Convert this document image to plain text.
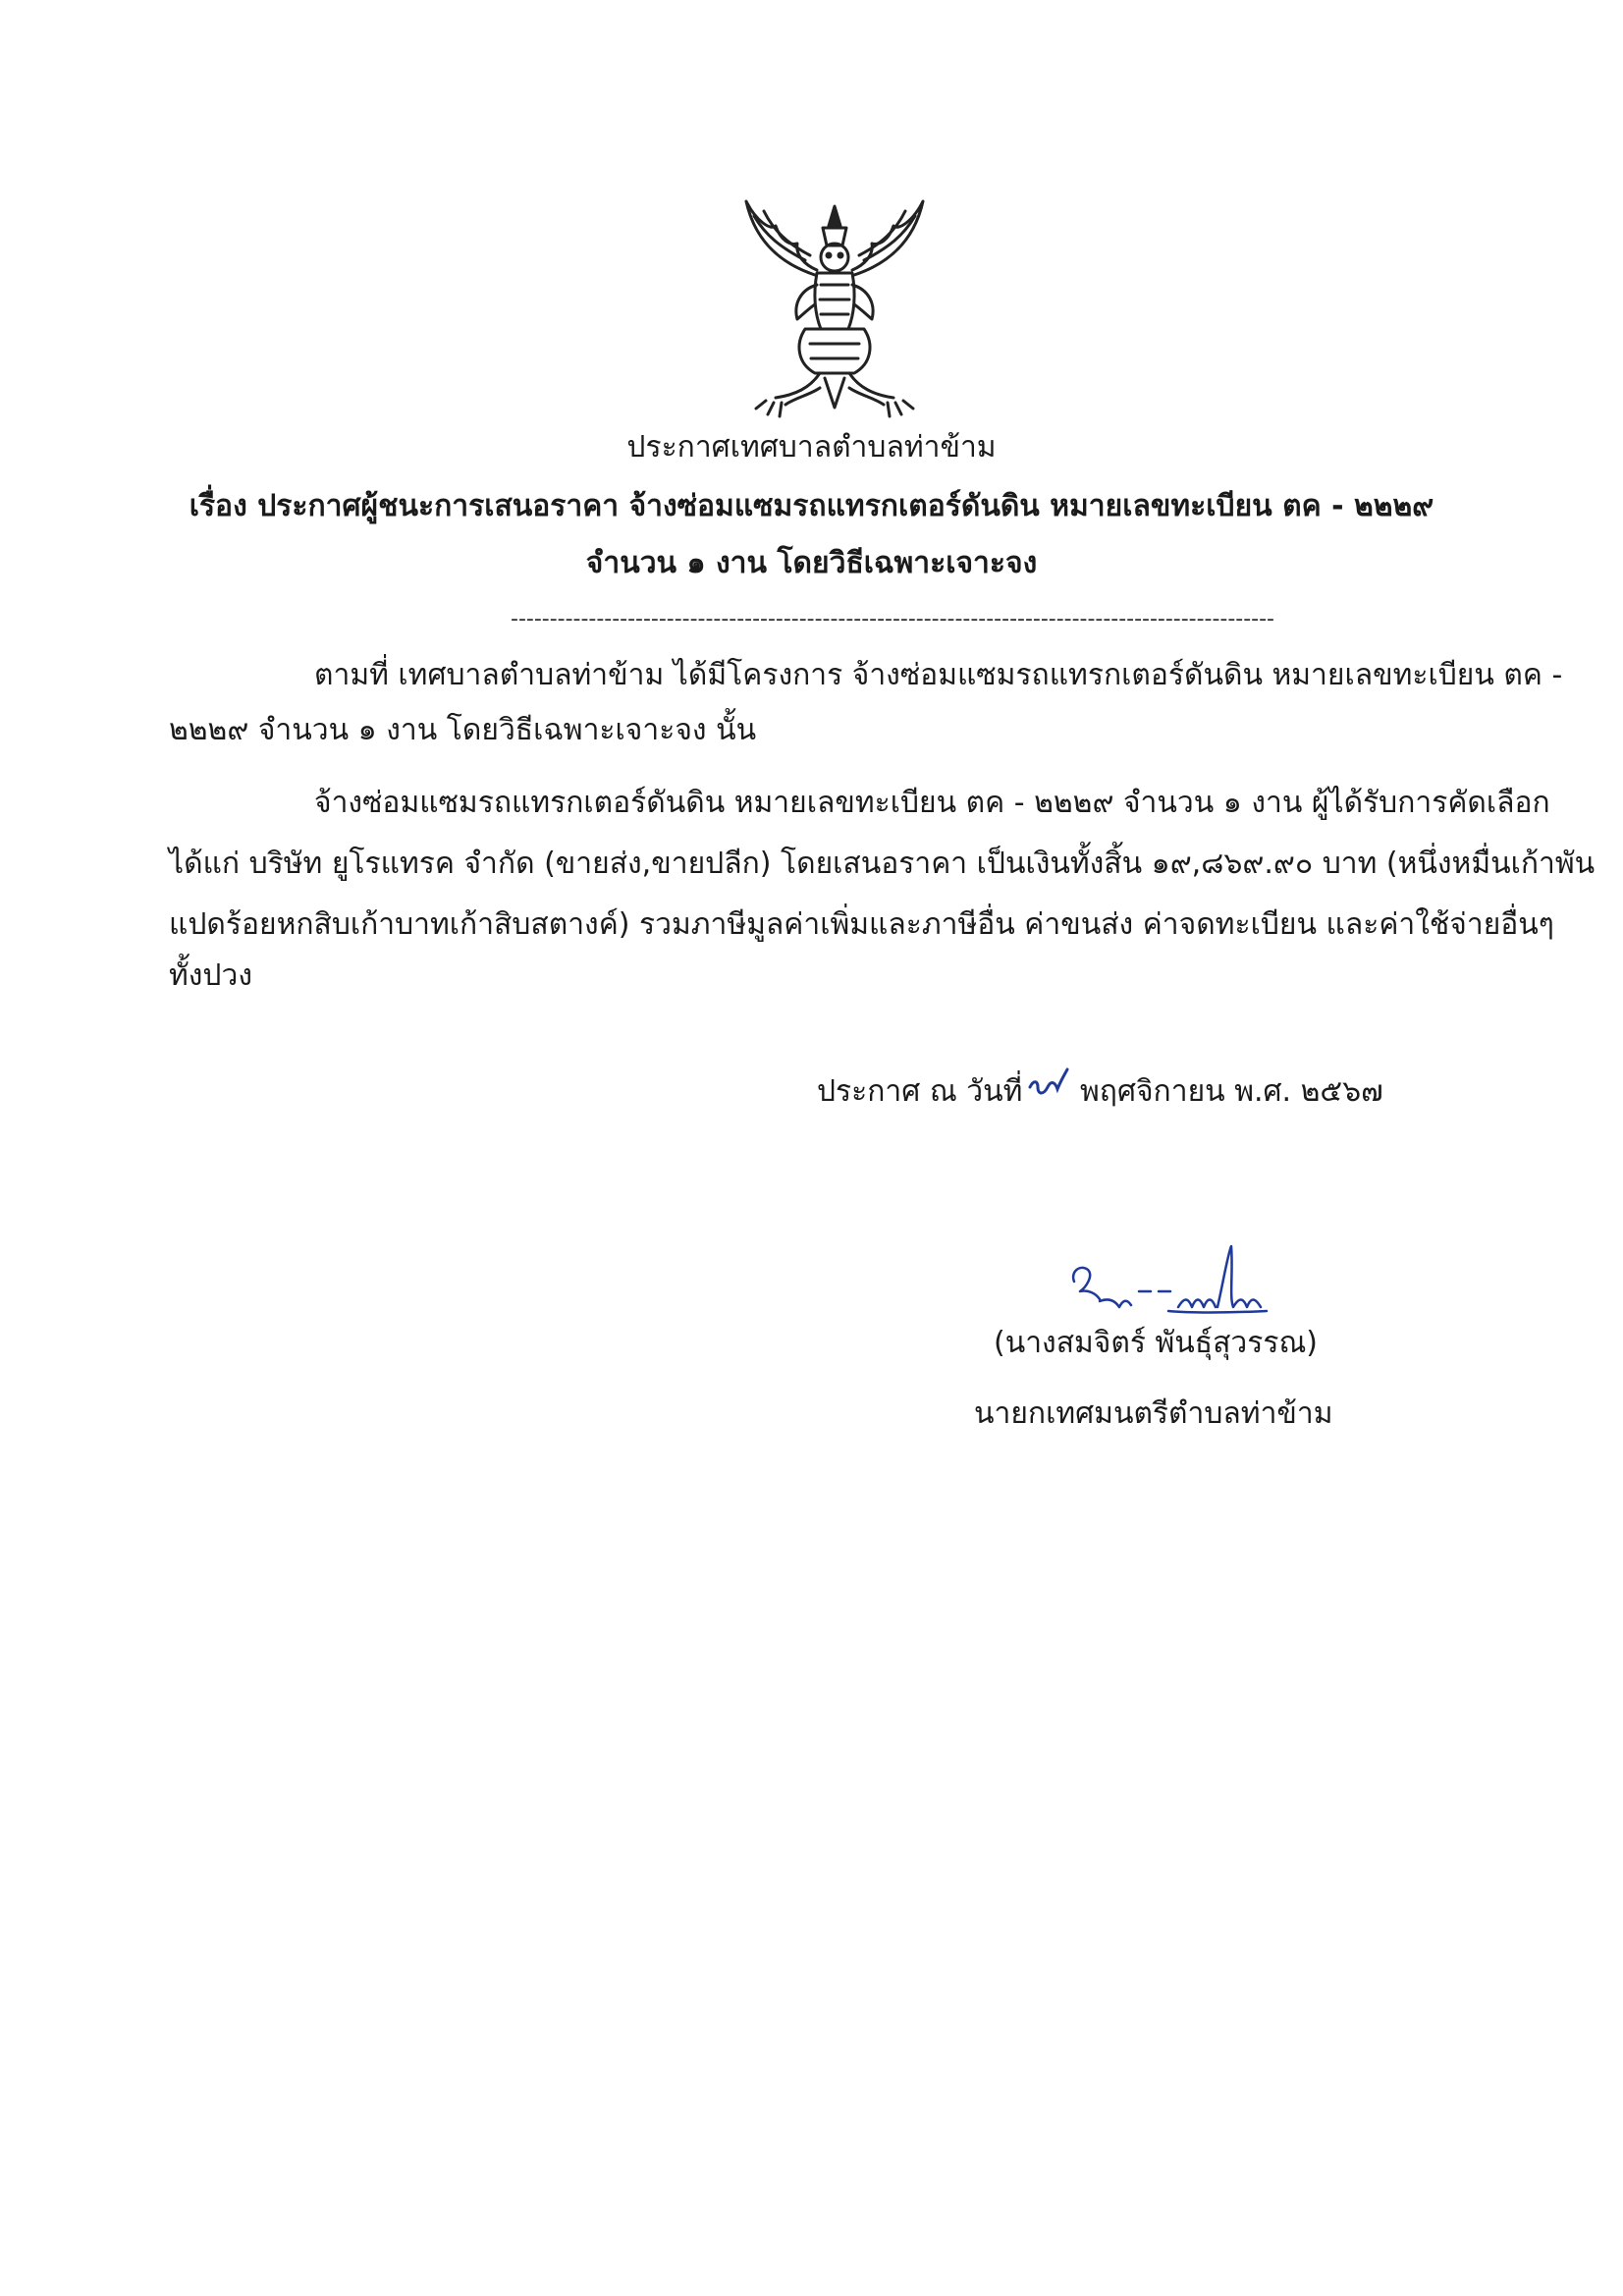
ประกาศเทศบาลตำบลท่าข้าม
เรื่อง ประกาศผู้ชนะการเสนอราคา จ้างซ่อมแซมรถแทรกเตอร์ดันดิน หมายเลขทะเบียน ตค - ๒๒๒๙
จำนวน ๑ งาน โดยวิธีเฉพาะเจาะจง
--------------------------------------------------------------------------------------------------
ตามที่ เทศบาลตำบลท่าข้าม ได้มีโครงการ จ้างซ่อมแซมรถแทรกเตอร์ดันดิน หมายเลขทะเบียน ตค -
๒๒๒๙ จำนวน ๑ งาน โดยวิธีเฉพาะเจาะจง นั้น
จ้างซ่อมแซมรถแทรกเตอร์ดันดิน หมายเลขทะเบียน ตค - ๒๒๒๙ จำนวน ๑ งาน ผู้ได้รับการคัดเลือก
ได้แก่ บริษัท ยูโรแทรค จำกัด (ขายส่ง,ขายปลีก) โดยเสนอราคา เป็นเงินทั้งสิ้น ๑๙,๘๖๙.๙๐ บาท (หนึ่งหมื่นเก้าพัน
แปดร้อยหกสิบเก้าบาทเก้าสิบสตางค์) รวมภาษีมูลค่าเพิ่มและภาษีอื่น ค่าขนส่ง ค่าจดทะเบียน และค่าใช้จ่ายอื่นๆ
ทั้งปวง
ประกาศ ณ วันที่ พฤศจิกายน พ.ศ. ๒๕๖๗
(นางสมจิตร์ พันธุ์สุวรรณ)
นายกเทศมนตรีตำบลท่าข้าม
